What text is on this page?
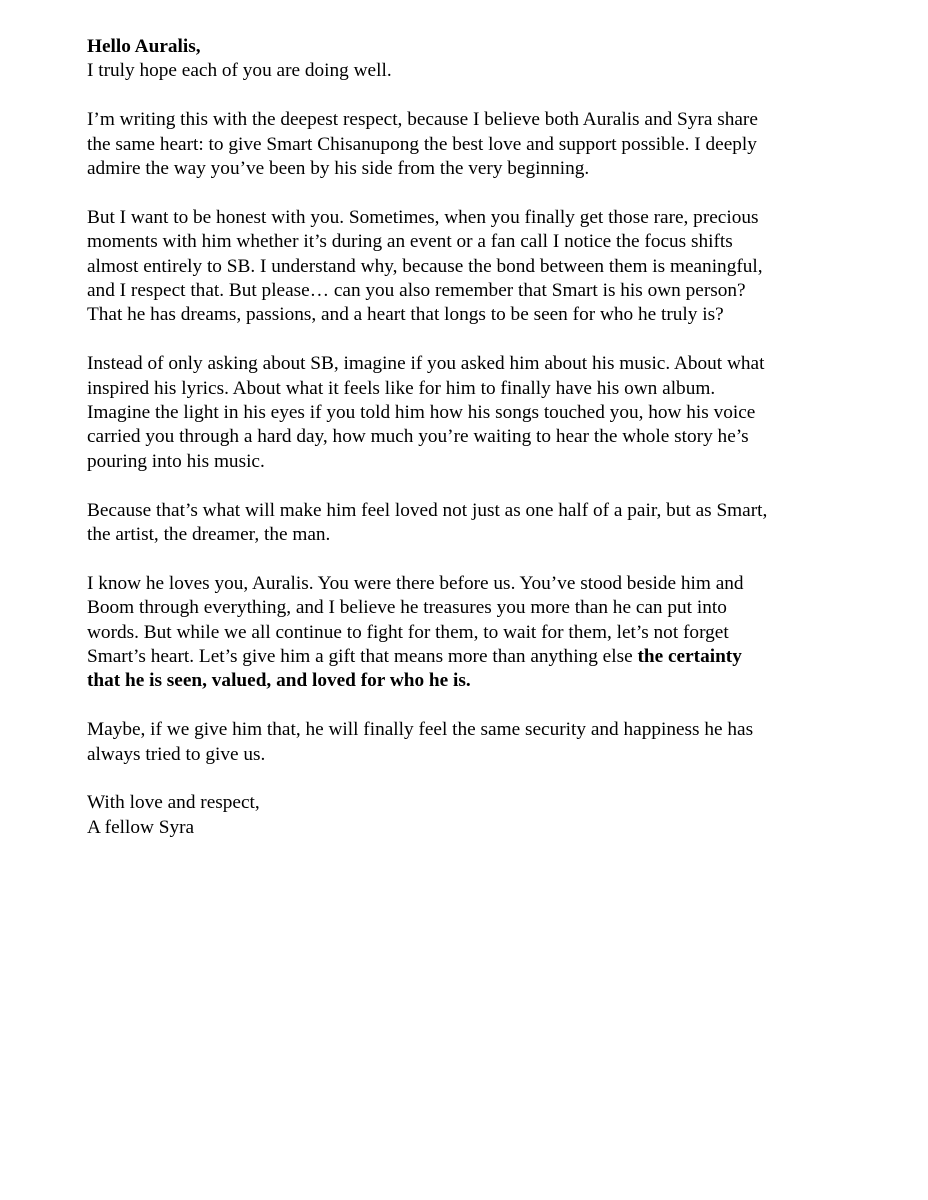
Hello Auralis,
I truly hope each of you are doing well.
I’m writing this with the deepest respect, because I believe both Auralis and Syra share
the same heart: to give Smart Chisanupong the best love and support possible. I deeply
admire the way you’ve been by his side from the very beginning.
But I want to be honest with you. Sometimes, when you finally get those rare, precious
moments with him whether it’s during an event or a fan call I notice the focus shifts
almost entirely to SB. I understand why, because the bond between them is meaningful,
and I respect that. But please… can you also remember that Smart is his own person?
That he has dreams, passions, and a heart that longs to be seen for who he truly is?
Instead of only asking about SB, imagine if you asked him about his music. About what
inspired his lyrics. About what it feels like for him to finally have his own album.
Imagine the light in his eyes if you told him how his songs touched you, how his voice
carried you through a hard day, how much you’re waiting to hear the whole story he’s
pouring into his music.
Because that’s what will make him feel loved not just as one half of a pair, but as Smart,
the artist, the dreamer, the man.
I know he loves you, Auralis. You were there before us. You’ve stood beside him and
Boom through everything, and I believe he treasures you more than he can put into
words. But while we all continue to fight for them, to wait for them, let’s not forget
Smart’s heart. Let’s give him a gift that means more than anything else the certainty
that he is seen, valued, and loved for who he is.
Maybe, if we give him that, he will finally feel the same security and happiness he has
always tried to give us.
With love and respect,
A fellow Syra
